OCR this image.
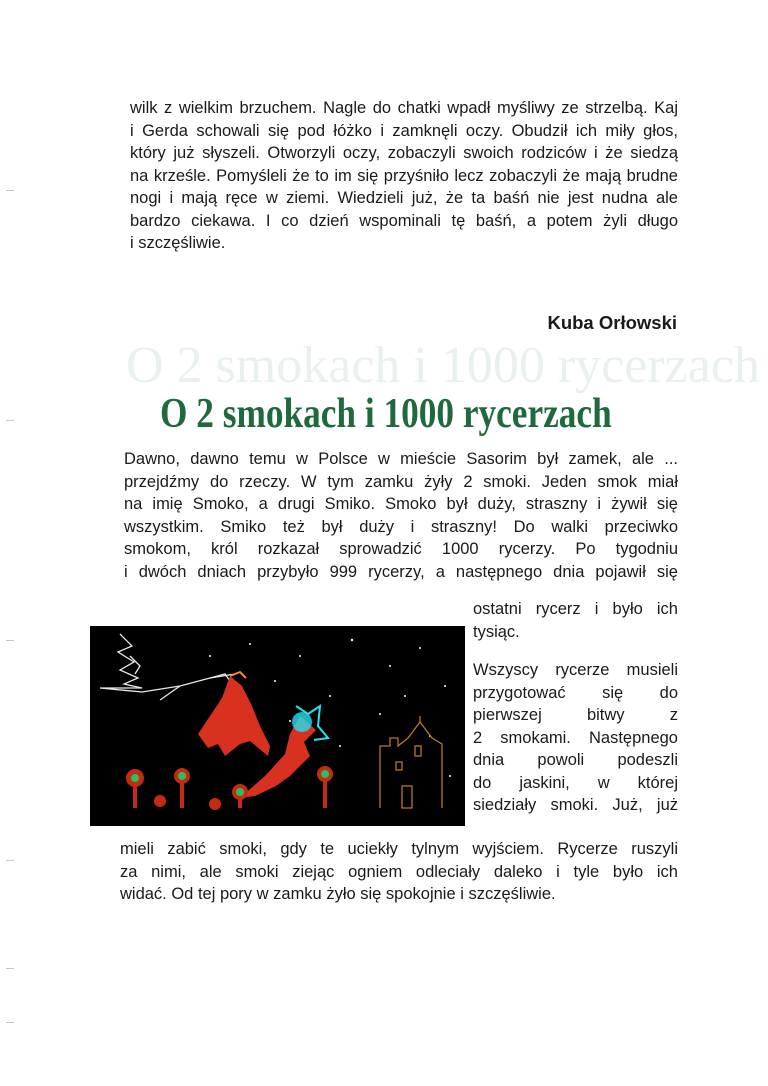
wilk z wielkim brzuchem. Nagle do chatki wpadł myśliwy ze strzelbą. Kaj
i Gerda schowali się pod łóżko i zamknęli oczy. Obudził ich miły głos,
który już słyszeli. Otworzyli oczy, zobaczyli swoich rodziców i że siedzą
na krześle. Pomyśleli że to im się przyśniło lecz zobaczyli że mają brudne
nogi i mają ręce w ziemi. Wiedzieli już, że ta baśń nie jest nudna ale
bardzo ciekawa. I co dzień wspominali tę baśń, a potem żyli długo
i szczęśliwie.
Kuba Orłowski
O 2 smokach i 1000 rycerzach
O 2 smokach i 1000 rycerzach
Dawno, dawno temu w Polsce w mieście Sasorim był zamek, ale ...
przejdźmy do rzeczy. W tym zamku żyły 2 smoki. Jeden smok miał
na imię Smoko, a drugi Smiko. Smoko był duży, straszny i żywił się
wszystkim. Smiko też był duży i straszny! Do walki przeciwko
smokom, król rozkazał sprowadzić 1000 rycerzy. Po tygodniu
i dwóch dniach przybyło 999 rycerzy, a następnego dnia pojawił się
ostatni rycerz i było ich
tysiąc.
Wszyscy rycerze musieli
przygotować się do
pierwszej bitwy z
2 smokami. Następnego
dnia powoli podeszli
do jaskini, w której
siedziały smoki. Już, już
mieli zabić smoki, gdy te uciekły tylnym wyjściem. Rycerze ruszyli
za nimi, ale smoki ziejąc ogniem odleciały daleko i tyle było ich
widać. Od tej pory w zamku żyło się spokojnie i szczęśliwie.
